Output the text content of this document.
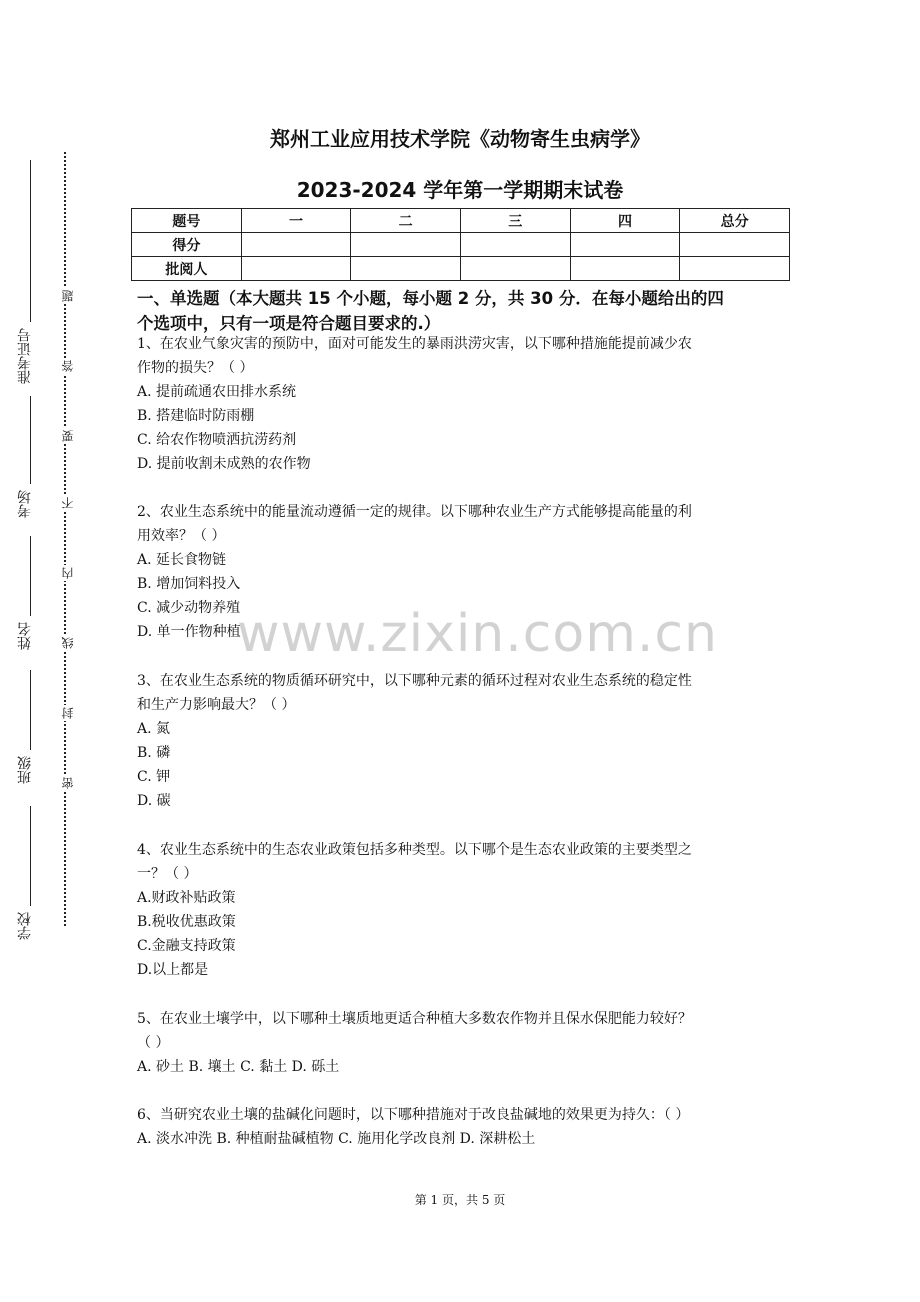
题
答
要
不
内
线
封
密
准考证号
考场
姓名
班级
学校
郑州工业应用技术学院《动物寄生虫病学》
2023-2024 学年第一学期期末试卷
题号	一	二	三	四	总分
得分					
批阅人					
一、单选题（本大题共 15 个小题，每小题 2 分，共 30 分．在每小题给出的四
个选项中，只有一项是符合题目要求的.）
1、在农业气象灾害的预防中，面对可能发生的暴雨洪涝灾害，以下哪种措施能提前减少农
作物的损失？（ ）
A. 提前疏通农田排水系统
B. 搭建临时防雨棚
C. 给农作物喷洒抗涝药剂
D. 提前收割未成熟的农作物
2、农业生态系统中的能量流动遵循一定的规律。以下哪种农业生产方式能够提高能量的利
用效率？（ ）
A. 延长食物链
B. 增加饲料投入
C. 减少动物养殖
D. 单一作物种植
www.zixin.com.cn
3、在农业生态系统的物质循环研究中，以下哪种元素的循环过程对农业生态系统的稳定性
和生产力影响最大？（ ）
A. 氮
B. 磷
C. 钾
D. 碳
4、农业生态系统中的生态农业政策包括多种类型。以下哪个是生态农业政策的主要类型之
一？（ ）
A.财政补贴政策
B.税收优惠政策
C.金融支持政策
D.以上都是
5、在农业土壤学中，以下哪种土壤质地更适合种植大多数农作物并且保水保肥能力较好？
（ ）
A. 砂土 B. 壤土 C. 黏土 D. 砾土
6、当研究农业土壤的盐碱化问题时，以下哪种措施对于改良盐碱地的效果更为持久：（ ）
A. 淡水冲洗 B. 种植耐盐碱植物 C. 施用化学改良剂 D. 深耕松土
第 1 页，共 5 页
